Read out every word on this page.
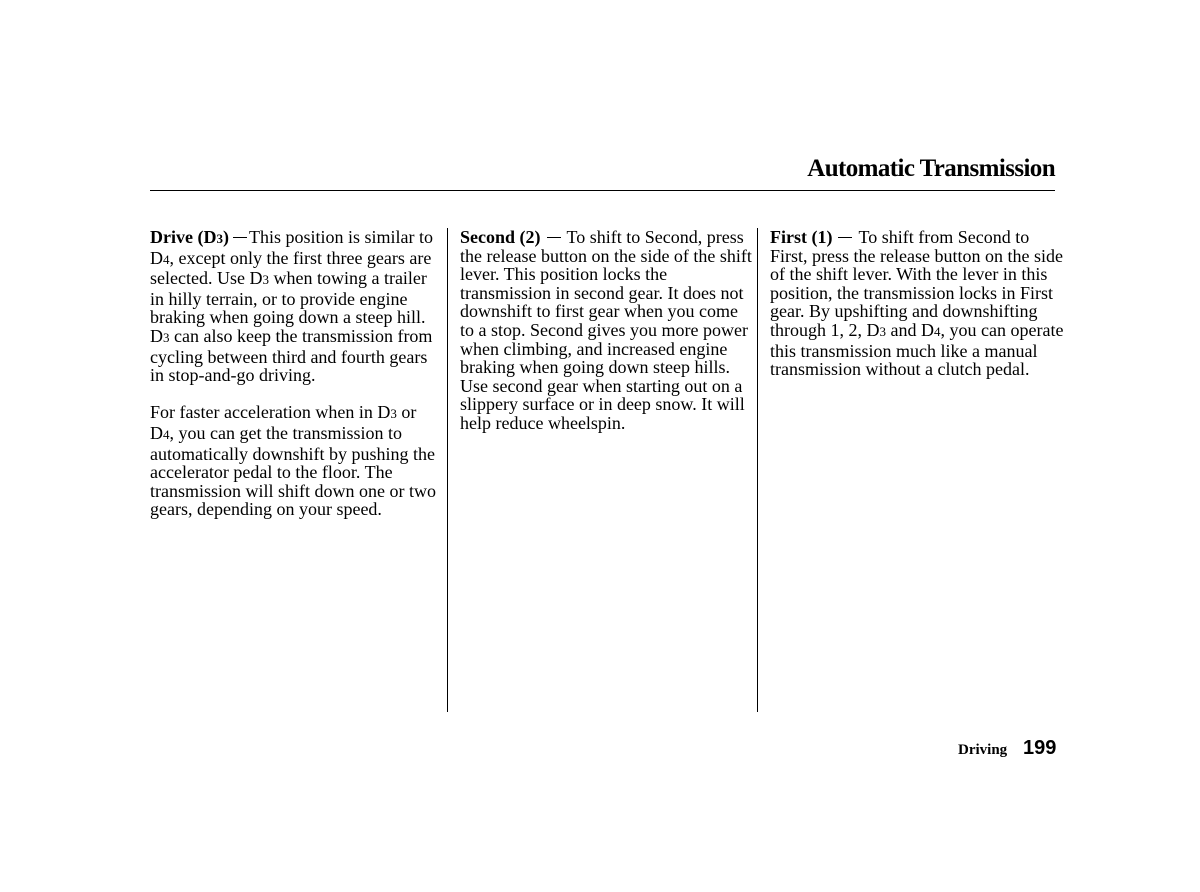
Automatic Transmission

Drive (D3) This position is similar to D4, except only the first three gears are selected. Use D3 when towing a trailer in hilly terrain, or to provide engine braking when going down a steep hill. D3 can also keep the transmission from cycling between third and fourth gears in stop-and-go driving.

For faster acceleration when in D3 or D4, you can get the transmission to automatically downshift by pushing the accelerator pedal to the floor. The transmission will shift down one or two gears, depending on your speed.

Second (2) To shift to Second, press the release button on the side of the shift lever. This position locks the transmission in second gear. It does not downshift to first gear when you come to a stop. Second gives you more power when climbing, and increased engine braking when going down steep hills. Use second gear when starting out on a slippery surface or in deep snow. It will help reduce wheelspin.

First (1) To shift from Second to First, press the release button on the side of the shift lever. With the lever in this position, the transmission locks in First gear. By upshifting and downshifting through 1, 2, D3 and D4, you can operate this transmission much like a manual transmission without a clutch pedal.

Driving 199
